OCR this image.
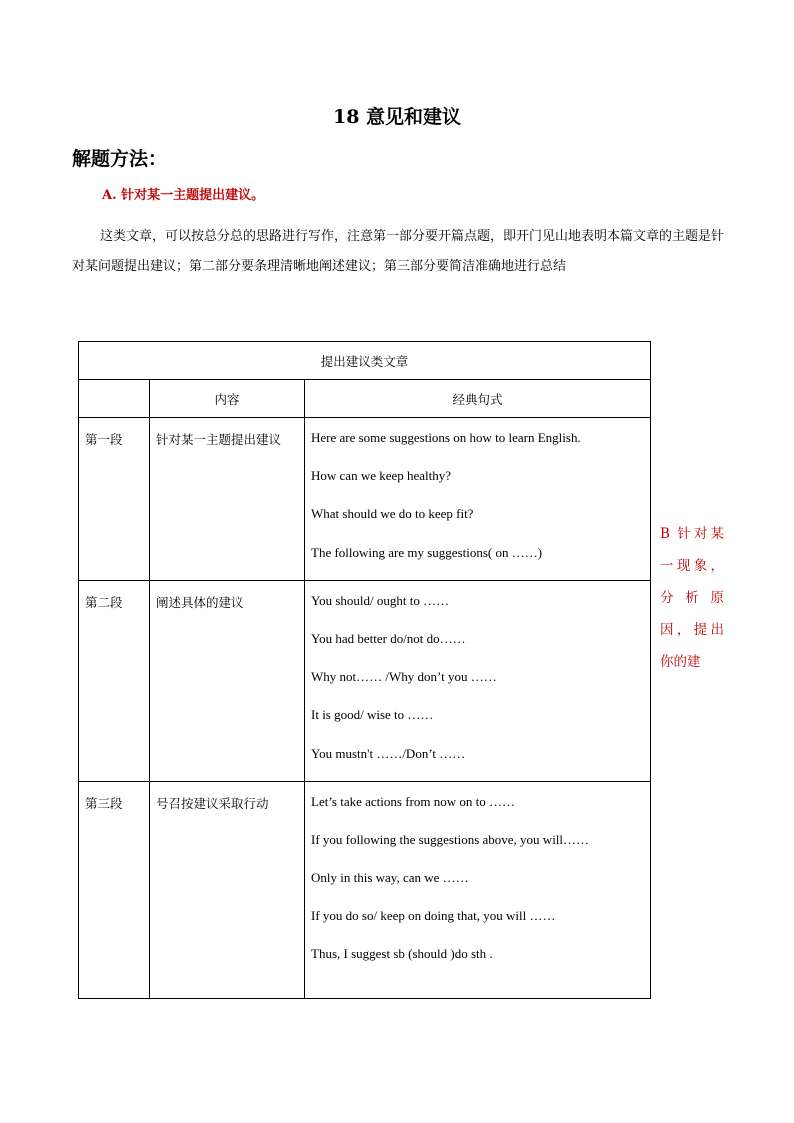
18 意见和建议
解题方法：
A. 针对某一主题提出建议。
这类文章，可以按总分总的思路进行写作，注意第一部分要开篇点题，即开门见山地表明本篇文章的主题是针对某问题提出建议；第二部分要条理清晰地阐述建议；第三部分要简洁准确地进行总结
提出建议类文章		
	内容	经典句式
第一段	针对某一主题提出建议	Here are some suggestions on how to learn English.
How can we keep healthy?
What should we do to keep fit?
The following are my suggestions( on ……)

第二段	阐述具体的建议	You should/ ought to ……
You had better do/not do……
Why not…… /Why don’t you ……
It is good/ wise to ……
You mustn't ……/Don’t ……

第三段	号召按建议采取行动	Let’s take actions from now on to ……
If you following the suggestions above, you will……
Only in this way, can we ……
If you do so/ keep on doing that, you will ……
Thus, I suggest sb (should )do sth .
B 针对某
一现象，
分 析 原
因，提出
你的建
